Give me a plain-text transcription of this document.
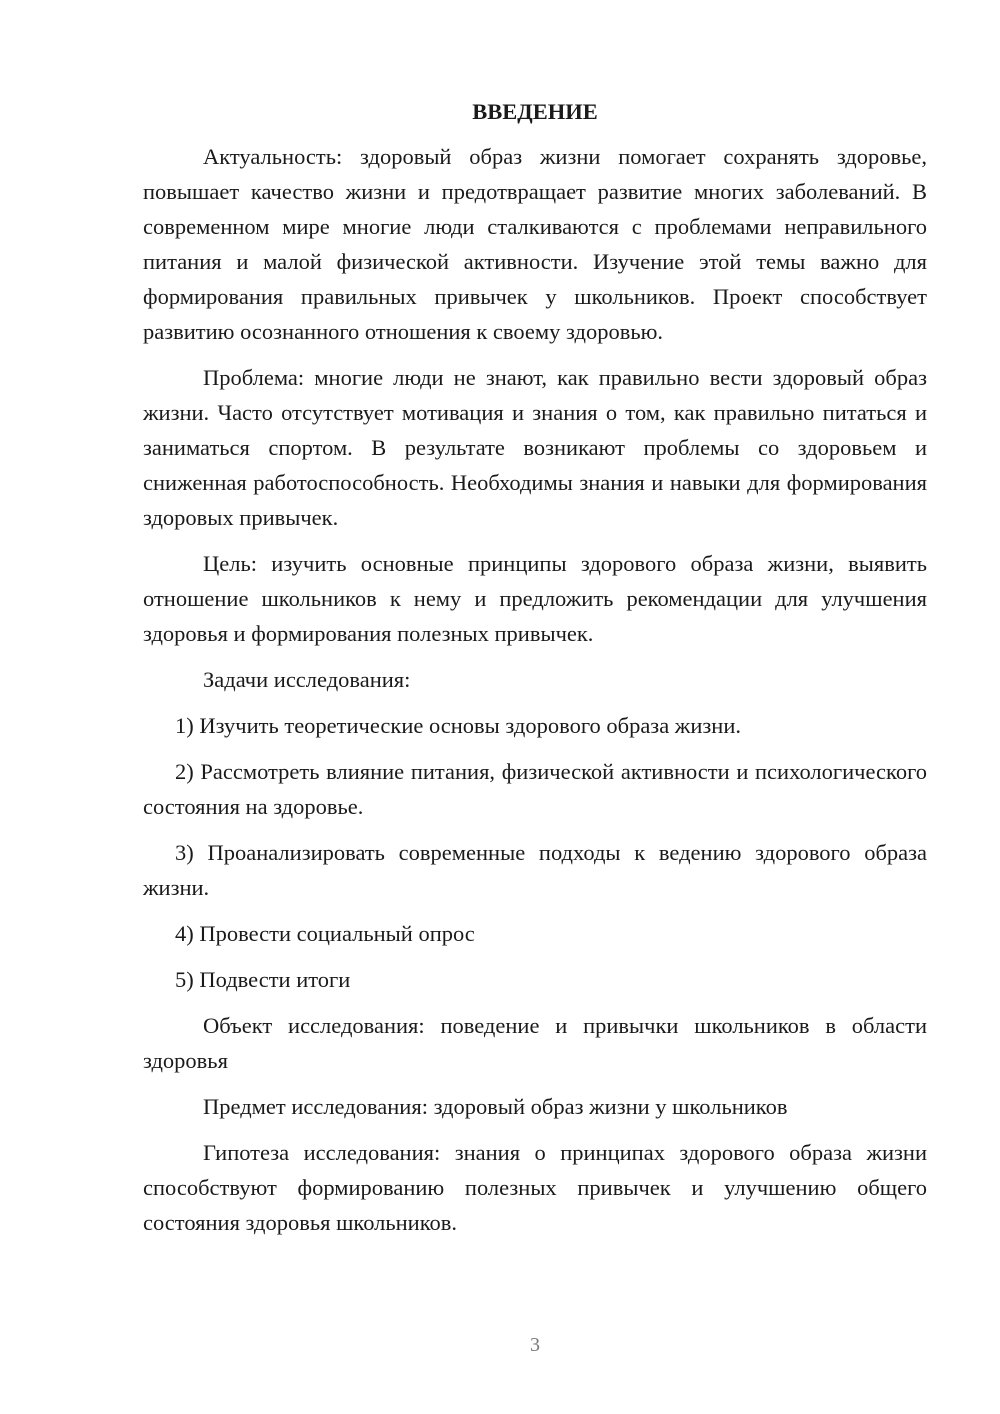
ВВЕДЕНИЕ

Актуальность: здоровый образ жизни помогает сохранять здоровье, повышает качество жизни и предотвращает развитие многих заболеваний. В современном мире многие люди сталкиваются с проблемами неправильного питания и малой физической активности. Изучение этой темы важно для формирования правильных привычек у школьников. Проект способствует развитию осознанного отношения к своему здоровью.

Проблема: многие люди не знают, как правильно вести здоровый образ жизни. Часто отсутствует мотивация и знания о том, как правильно питаться и заниматься спортом. В результате возникают проблемы со здоровьем и сниженная работоспособность. Необходимы знания и навыки для формирования здоровых привычек.

Цель: изучить основные принципы здорового образа жизни, выявить отношение школьников к нему и предложить рекомендации для улучшения здоровья и формирования полезных привычек.

Задачи исследования:

1) Изучить теоретические основы здорового образа жизни.

2) Рассмотреть влияние питания, физической активности и психологического состояния на здоровье.

3) Проанализировать современные подходы к ведению здорового образа жизни.

4) Провести социальный опрос

5) Подвести итоги

Объект исследования: поведение и привычки школьников в области здоровья

Предмет исследования: здоровый образ жизни у школьников

Гипотеза исследования: знания о принципах здорового образа жизни способствуют формированию полезных привычек и улучшению общего состояния здоровья школьников.

3
